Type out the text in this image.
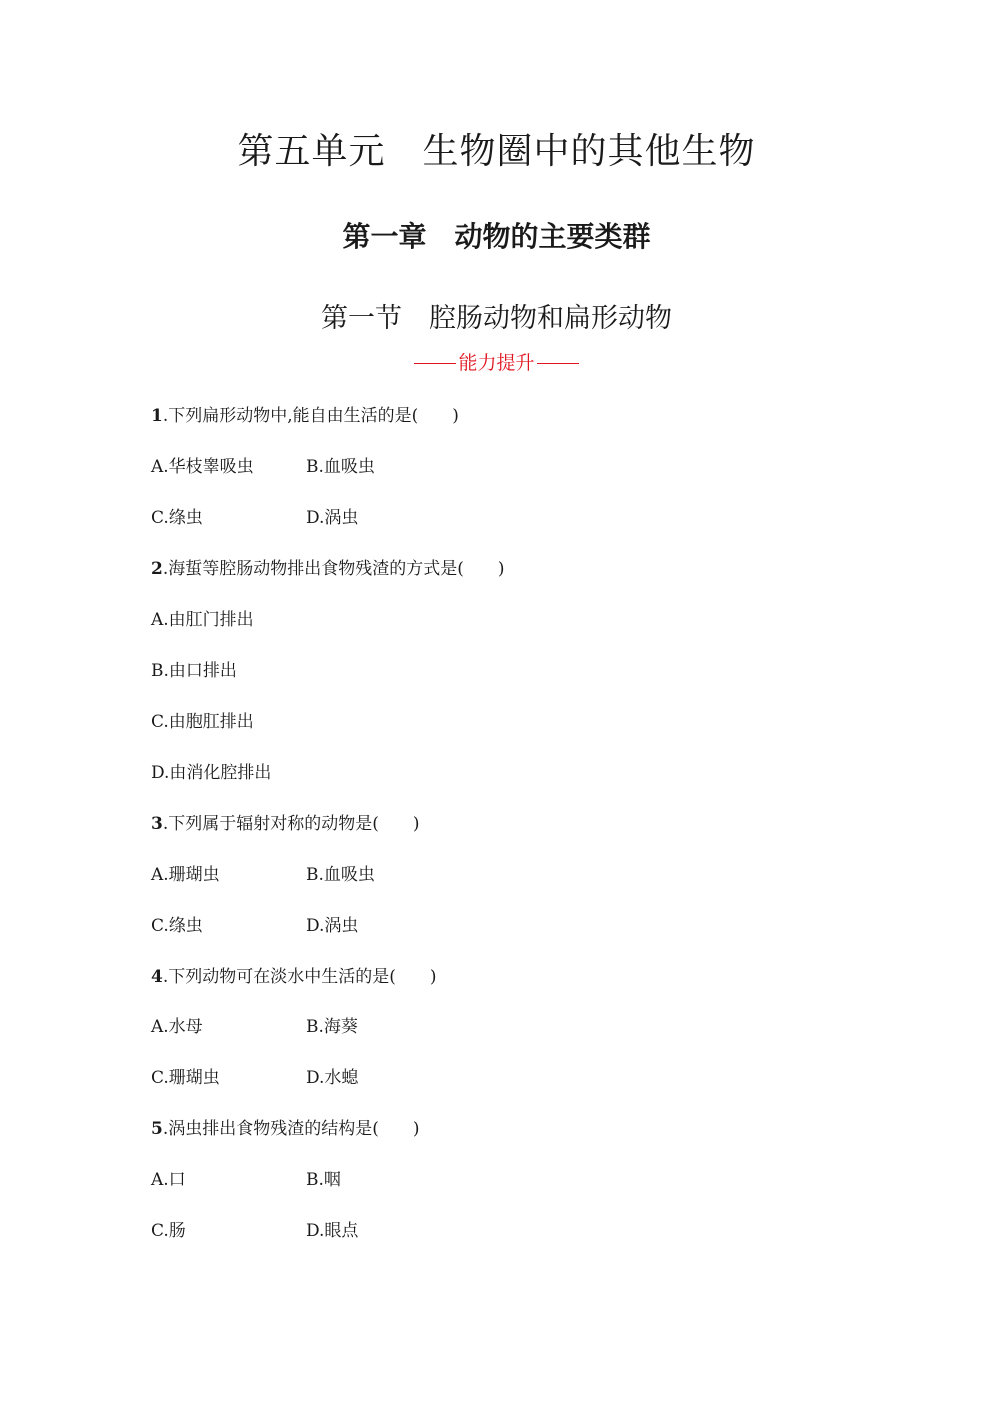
第五单元　生物圈中的其他生物
第一章　动物的主要类群
第一节　腔肠动物和扁形动物
能力提升
1.下列扁形动物中,能自由生活的是( )
A.华枝睾吸虫	B.血吸虫
C.绦虫	D.涡虫
2.海蜇等腔肠动物排出食物残渣的方式是( )
A.由肛门排出
B.由口排出
C.由胞肛排出
D.由消化腔排出
3.下列属于辐射对称的动物是( )
A.珊瑚虫	B.血吸虫
C.绦虫	D.涡虫
4.下列动物可在淡水中生活的是( )
A.水母	B.海葵
C.珊瑚虫	D.水螅
5.涡虫排出食物残渣的结构是( )
A.口	B.咽
C.肠	D.眼点
